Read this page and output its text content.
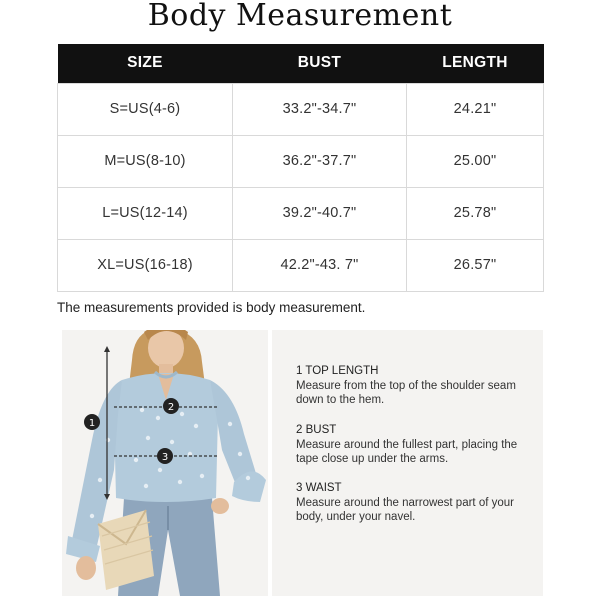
Body Measurement
SIZE	BUST	LENGTH
S=US(4-6)	33.2"-34.7"	24.21"
M=US(8-10)	36.2"-37.7"	25.00"
L=US(12-14)	39.2"-40.7"	25.78"
XL=US(16-18)	42.2"-43. 7"	26.57"
The measurements provided is body measurement.
1
2
3
1 TOP LENGTH
Measure from the top of the shoulder seam down to the hem.
2 BUST
Measure around the fullest part, placing the tape close up under the arms.
3 WAIST
Measure around the narrowest part of your body, under your navel.
